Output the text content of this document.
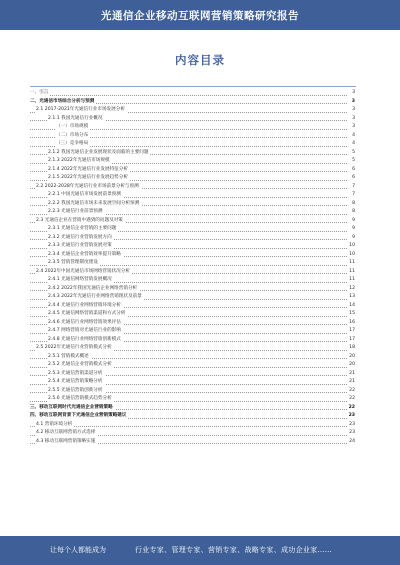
光通信企业移动互联网营销策略研究报告
内容目录
一、引言	3
二、光通信市场综合分析与预测	3
2.1 2017-2021年光通信行业市场发展分析	3
2.1.1 我国光通信行业概况	3
（一）市场规模	3
（二）市场分布	4
（三）竞争格局	4
2.1.2 我国光通信企业发展现状及面临的主要问题	5
2.1.3 2022年光通信市场规模	5
2.1.4 2022年光通信行业发展特征分析	6
2.1.5 2022年光通信行业发展趋势分析	6
2.2 2022-2028年光通信行业市场前景分析与预测	7
2.2.1 中国光通信市场发展前景预测	7
2.2.2 我国光通信市场未来发展空间分析预测	8
2.2.3 光通信行业前景预测	8
2.3 光通信企业在营销中遇到的问题及对策	9
2.3.1 光通信企业营销的主要问题	9
2.3.2 光通信行业营销发展方向	9
2.3.3 光通信行业营销发展对策	10
2.3.4 光通信企业营销效率提升策略	10
2.3.5 营销管理制度建设	11
2.4 2022年中国光通信市场网络营销状况分析	11
2.4.1 光通信网络营销发展概况	11
2.4.2 2022年我国光通信企业网络营销分析	12
2.4.3 2022年光通信行业网络营销现状及前景	13
2.4.4 光通信行业网络营销环境分析	14
2.4.5 光通信网络营销渠道和方式分析	15
2.4.6 光通信行业网络营销效果评估	16
2.4.7 网络营销对光通信行业的影响	17
2.4.8 光通信行业网络营销创新模式	17
2.5 2022年光通信行业营销模式分析	18
2.5.1 营销模式概述	20
2.5.2 光通信企业营销模式分析	20
2.5.3 光通信营销渠道分析	21
2.5.4 光通信营销策略分析	21
2.5.5 光通信营销创新分析	22
2.5.6 光通信营销模式趋势分析	22
三、移动互联网时代光通信企业营销策略	22
四、移动互联网背景下光通信企业营销策略建议	23
4.1 营销环境分析	23
4.2 移动互联网营销方式选择	23
4.3 移动互联网营销策略实施	24
让每个人都能成为	行业专家、管理专家、营销专家、战略专家、成功企业家……
